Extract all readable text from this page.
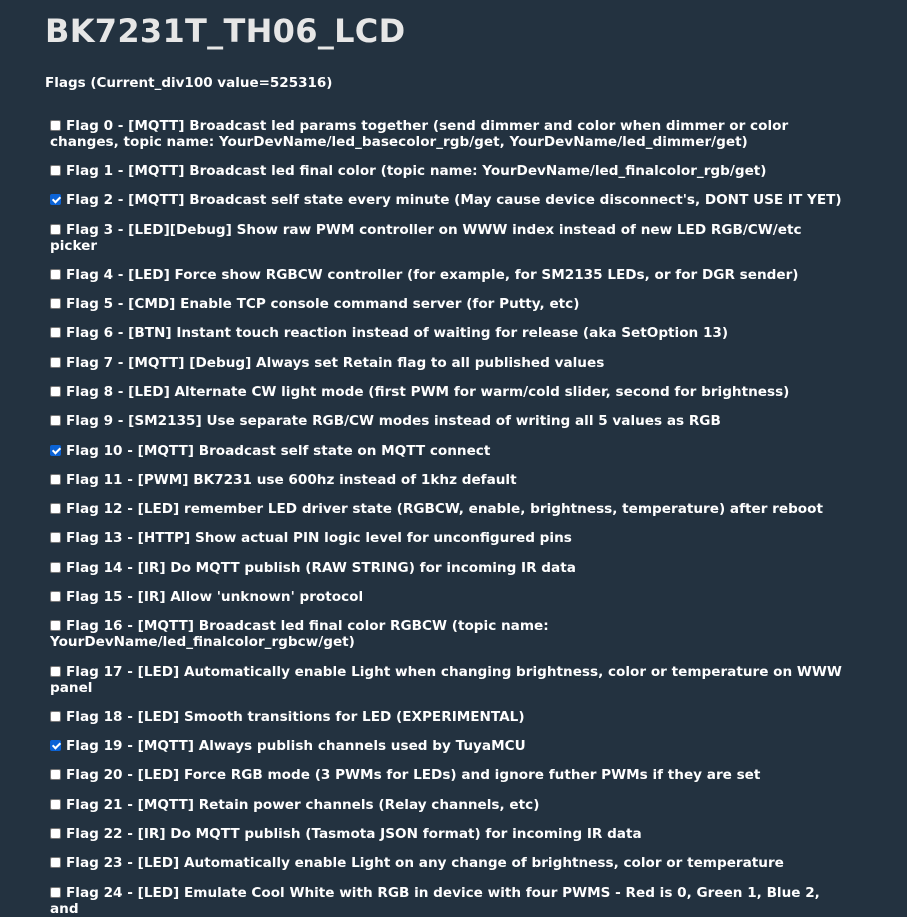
BK7231T_TH06_LCD
Flags (Current_div100 value=525316)
Flag 0 - [MQTT] Broadcast led params together (send dimmer and color when dimmer or color changes, topic name: YourDevName/led_basecolor_rgb/get, YourDevName/led_dimmer/get)
Flag 1 - [MQTT] Broadcast led final color (topic name: YourDevName/led_finalcolor_rgb/get)
Flag 2 - [MQTT] Broadcast self state every minute (May cause device disconnect's, DONT USE IT YET)
Flag 3 - [LED][Debug] Show raw PWM controller on WWW index instead of new LED RGB/CW/etc picker
Flag 4 - [LED] Force show RGBCW controller (for example, for SM2135 LEDs, or for DGR sender)
Flag 5 - [CMD] Enable TCP console command server (for Putty, etc)
Flag 6 - [BTN] Instant touch reaction instead of waiting for release (aka SetOption 13)
Flag 7 - [MQTT] [Debug] Always set Retain flag to all published values
Flag 8 - [LED] Alternate CW light mode (first PWM for warm/cold slider, second for brightness)
Flag 9 - [SM2135] Use separate RGB/CW modes instead of writing all 5 values as RGB
Flag 10 - [MQTT] Broadcast self state on MQTT connect
Flag 11 - [PWM] BK7231 use 600hz instead of 1khz default
Flag 12 - [LED] remember LED driver state (RGBCW, enable, brightness, temperature) after reboot
Flag 13 - [HTTP] Show actual PIN logic level for unconfigured pins
Flag 14 - [IR] Do MQTT publish (RAW STRING) for incoming IR data
Flag 15 - [IR] Allow 'unknown' protocol
Flag 16 - [MQTT] Broadcast led final color RGBCW (topic name: YourDevName/led_finalcolor_rgbcw/get)
Flag 17 - [LED] Automatically enable Light when changing brightness, color or temperature on WWW panel
Flag 18 - [LED] Smooth transitions for LED (EXPERIMENTAL)
Flag 19 - [MQTT] Always publish channels used by TuyaMCU
Flag 20 - [LED] Force RGB mode (3 PWMs for LEDs) and ignore futher PWMs if they are set
Flag 21 - [MQTT] Retain power channels (Relay channels, etc)
Flag 22 - [IR] Do MQTT publish (Tasmota JSON format) for incoming IR data
Flag 23 - [LED] Automatically enable Light on any change of brightness, color or temperature
Flag 24 - [LED] Emulate Cool White with RGB in device with four PWMS - Red is 0, Green 1, Blue 2, and
